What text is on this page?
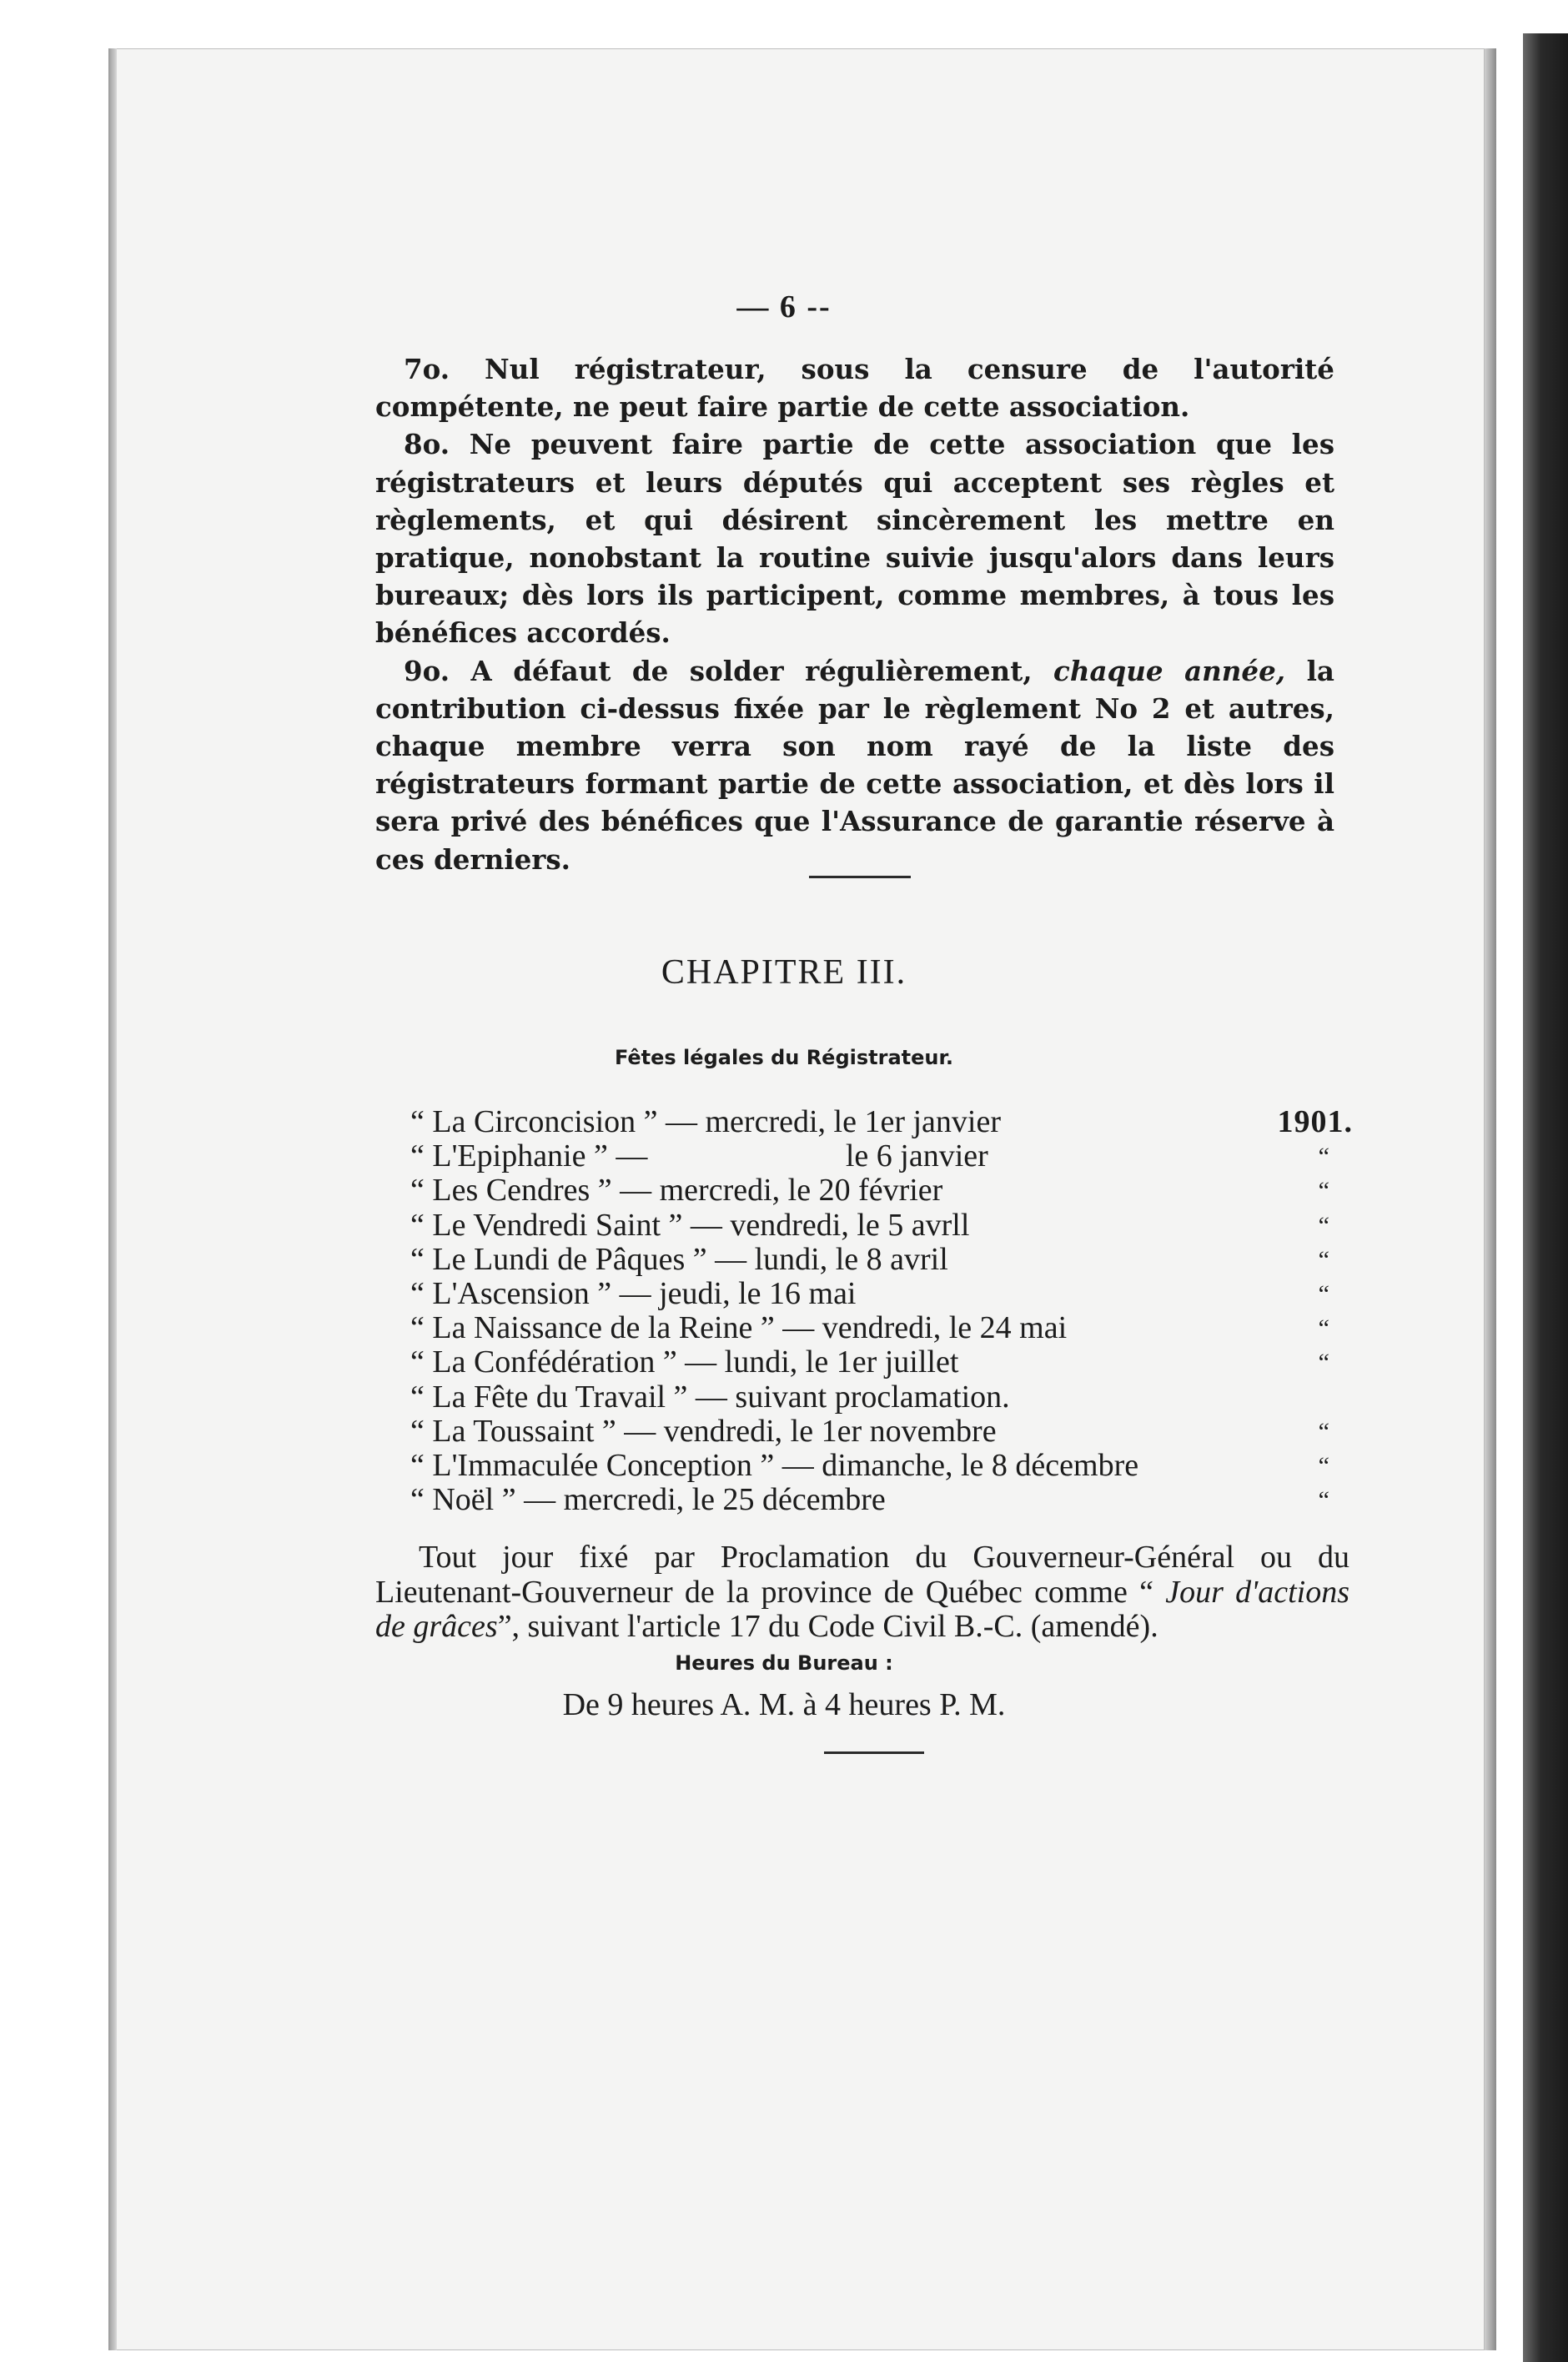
— 6 --

7o. Nul régistrateur, sous la censure de l'autorité compétente, ne peut faire partie de cette association.

8o. Ne peuvent faire partie de cette association que les régistrateurs et leurs députés qui acceptent ses règles et règlements, et qui désirent sincèrement les mettre en pratique, nonobstant la routine suivie jusqu'alors dans leurs bureaux; dès lors ils participent, comme membres, à tous les bénéfices accordés.

9o. A défaut de solder régulièrement, chaque année, la contribution ci-dessus fixée par le règlement No 2 et autres, chaque membre verra son nom rayé de la liste des régistrateurs formant partie de cette association, et dès lors il sera privé des bénéfices que l'Assurance de garantie réserve à ces derniers.

CHAPITRE III.
Fêtes légales du Régistrateur.
“ La Circoncision ” — mercredi, le 1er janvier	1901.
“ L'Epiphanie ” —                         le 6 janvier	“
“ Les Cendres ” — mercredi, le 20 février	“
“ Le Vendredi Saint ” — vendredi, le 5 avrll	“
“ Le Lundi de Pâques ” — lundi, le 8 avril	“
“ L'Ascension ” — jeudi, le 16 mai	“
“ La Naissance de la Reine ” — vendredi, le 24 mai	“
“ La Confédération ” — lundi, le 1er juillet	“
“ La Fête du Travail ” — suivant proclamation.
“ La Toussaint ” — vendredi, le 1er novembre	“
“ L'Immaculée Conception ” — dimanche, le 8 décembre	“
“ Noël ” — mercredi, le 25 décembre	“

Tout jour fixé par Proclamation du Gouverneur-Général ou du Lieutenant-Gouverneur de la province de Québec comme “ Jour d'actions de grâces”, suivant l'article 17 du Code Civil B.-C. (amendé).

Heures du Bureau :
De 9 heures A. M. à 4 heures P. M.
